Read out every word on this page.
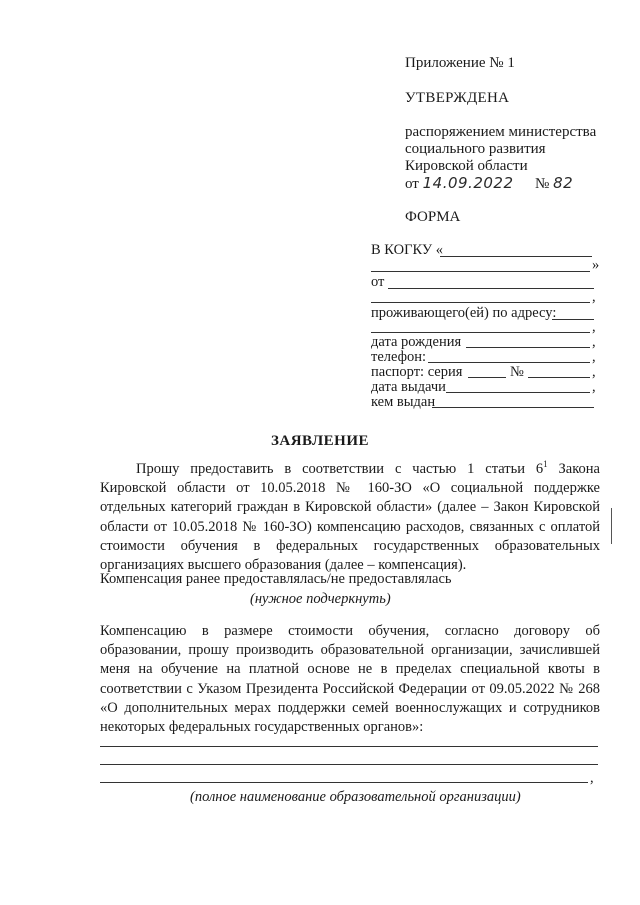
Приложение № 1
УТВЕРЖДЕНА
распоряжением министерства
социального развития
Кировской области
от 14.09.2022 № 82
ФОРМА
В КОГКУ «
»
от
,
проживающего(ей) по адресу:
,
дата рождения	,
телефон:	,
паспорт: серия	№	,
дата выдачи	,
кем выдан
ЗАЯВЛЕНИЕ
Прошу предоставить в соответствии с частью 1 статьи $6^1$ Закона Кировской области от 10.05.2018 № 160-ЗО «О социальной поддержке отдельных категорий граждан в Кировской области» (далее – Закон Кировской области от 10.05.2018 № 160-ЗО) компенсацию расходов, связанных с оплатой стоимости обучения в федеральных государственных образовательных организациях высшего образования (далее – компенсация).
Компенсация ранее предоставлялась/не предоставлялась
(нужное подчеркнуть)
Компенсацию в размере стоимости обучения, согласно договору об образовании, прошу производить образовательной организации, зачислившей меня на обучение на платной основе не в пределах специальной квоты в соответствии с Указом Президента Российской Федерации от 09.05.2022 № 268 «О дополнительных мерах поддержки семей военнослужащих и сотрудников некоторых федеральных государственных органов»:
,
(полное наименование образовательной организации)
